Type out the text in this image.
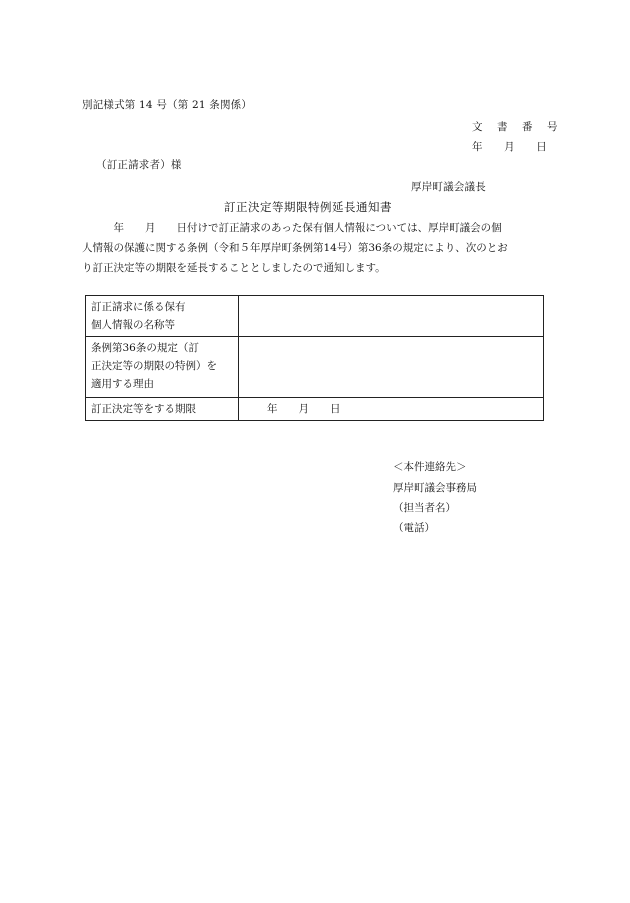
別記様式第 14 号（第 21 条関係）
文　書　番　号
年　　月　　日
（訂正請求者）様
厚岸町議会議長
訂正決定等期限特例延長通知書
　　　年　　月　　日付けで訂正請求のあった保有個人情報については、厚岸町議会の個
人情報の保護に関する条例（令和５年厚岸町条例第14号）第36条の規定により、次のとお
り訂正決定等の期限を延長することとしましたので通知します。
訂正請求に係る保有
個人情報の名称等	

条例第36条の規定（訂
正決定等の期限の特例）を
適用する理由	

訂正決定等をする期限	年　　月　　日
＜本件連絡先＞
厚岸町議会事務局
（担当者名）
（電話）
